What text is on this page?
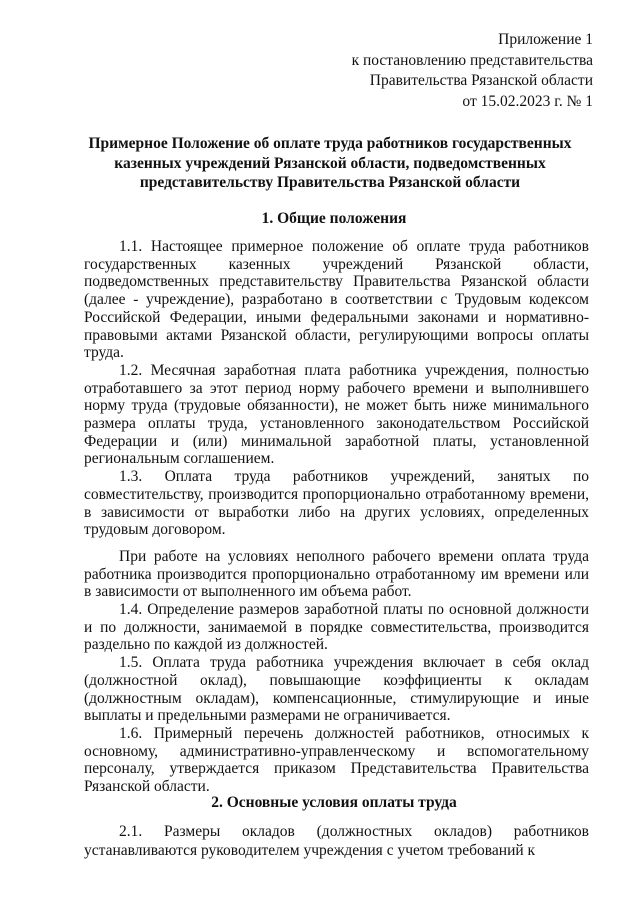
Приложение 1
к постановлению представительства
Правительства Рязанской области
от 15.02.2023 г. № 1
Примерное Положение об оплате труда работников государственных казенных учреждений Рязанской области, подведомственных представительству Правительства Рязанской области
1. Общие положения

1.1. Настоящее примерное положение об оплате труда работников государственных казенных учреждений Рязанской области, подведомственных представительству Правительства Рязанской области (далее - учреждение), разработано в соответствии с Трудовым кодексом Российской Федерации, иными федеральными законами и нормативно-правовыми актами Рязанской области, регулирующими вопросы оплаты труда.

1.2. Месячная заработная плата работника учреждения, полностью отработавшего за этот период норму рабочего времени и выполнившего норму труда (трудовые обязанности), не может быть ниже минимального размера оплаты труда, установленного законодательством Российской Федерации и (или) минимальной заработной платы, установленной региональным соглашением.

1.3. Оплата труда работников учреждений, занятых по совместительству, производится пропорционально отработанному времени, в зависимости от выработки либо на других условиях, определенных трудовым договором.

При работе на условиях неполного рабочего времени оплата труда работника производится пропорционально отработанному им времени или в зависимости от выполненного им объема работ.

1.4. Определение размеров заработной платы по основной должности и по должности, занимаемой в порядке совместительства, производится раздельно по каждой из должностей.

1.5. Оплата труда работника учреждения включает в себя оклад (должностной оклад), повышающие коэффициенты к окладам (должностным окладам), компенсационные, стимулирующие и иные выплаты и предельными размерами не ограничивается.

1.6. Примерный перечень должностей работников, относимых к основному, административно-управленческому и вспомогательному персоналу, утверждается приказом Представительства Правительства Рязанской области.

2. Основные условия оплаты труда

2.1. Размеры окладов (должностных окладов) работников устанавливаются руководителем учреждения с учетом требований к
